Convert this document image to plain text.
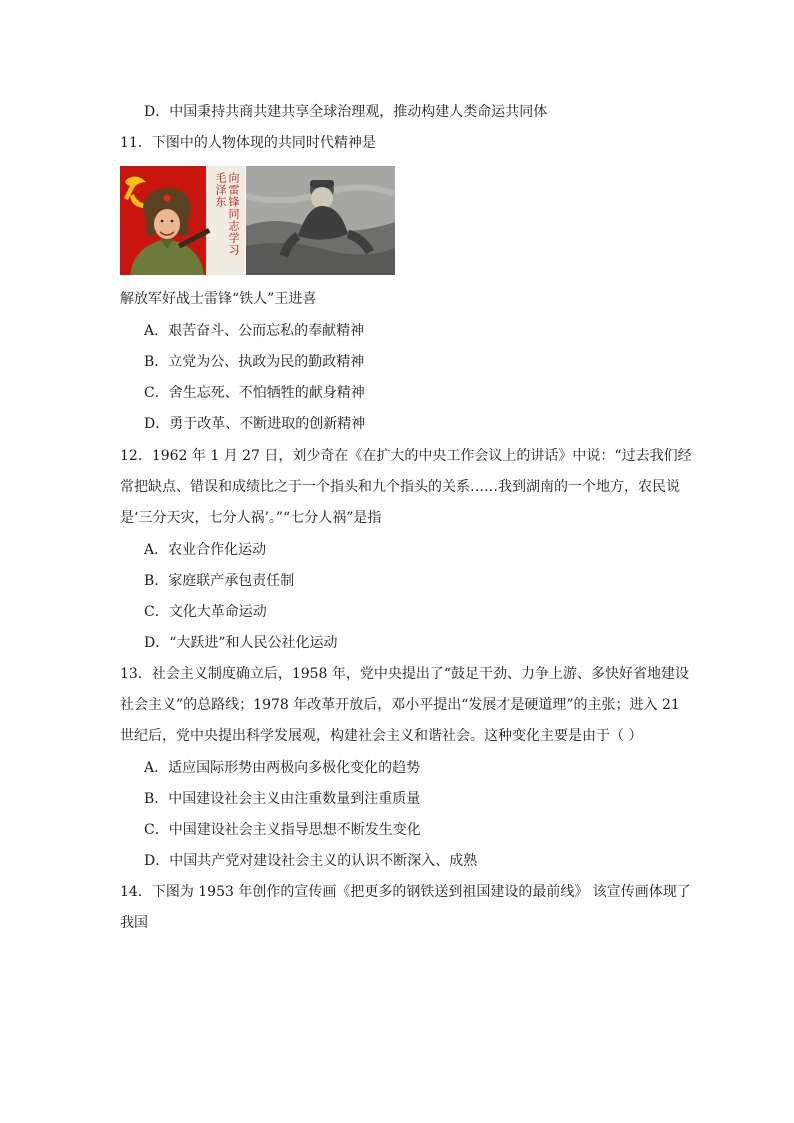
D．中国秉持共商共建共享全球治理观，推动构建人类命运共同体
11．下图中的人物体现的共同时代精神是
向雷锋同志学习 毛泽东
解放军好战士雷锋“铁人”王进喜
A．艰苦奋斗、公而忘私的奉献精神
B．立党为公、执政为民的勤政精神
C．舍生忘死、不怕牺牲的献身精神
D．勇于改革、不断进取的创新精神
12．1962 年 1 月 27 日，刘少奇在《在扩大的中央工作会议上的讲话》中说：“过去我们经
常把缺点、错误和成绩比之于一个指头和九个指头的关系……我到湖南的一个地方，农民说
是‘三分天灾，七分人祸’。”“七分人祸”是指
A．农业合作化运动
B．家庭联产承包责任制
C．文化大革命运动
D．“大跃进”和人民公社化运动
13．社会主义制度确立后，1958 年，党中央提出了“鼓足干劲、力争上游、多快好省地建设
社会主义”的总路线；1978 年改革开放后，邓小平提出“发展才是硬道理”的主张；进入 21
世纪后，党中央提出科学发展观，构建社会主义和谐社会。这种变化主要是由于（ ）
A．适应国际形势由两极向多极化变化的趋势
B．中国建设社会主义由注重数量到注重质量
C．中国建设社会主义指导思想不断发生变化
D．中国共产党对建设社会主义的认识不断深入、成熟
14．下图为 1953 年创作的宣传画《把更多的钢铁送到祖国建设的最前线》 该宣传画体现了
我国
